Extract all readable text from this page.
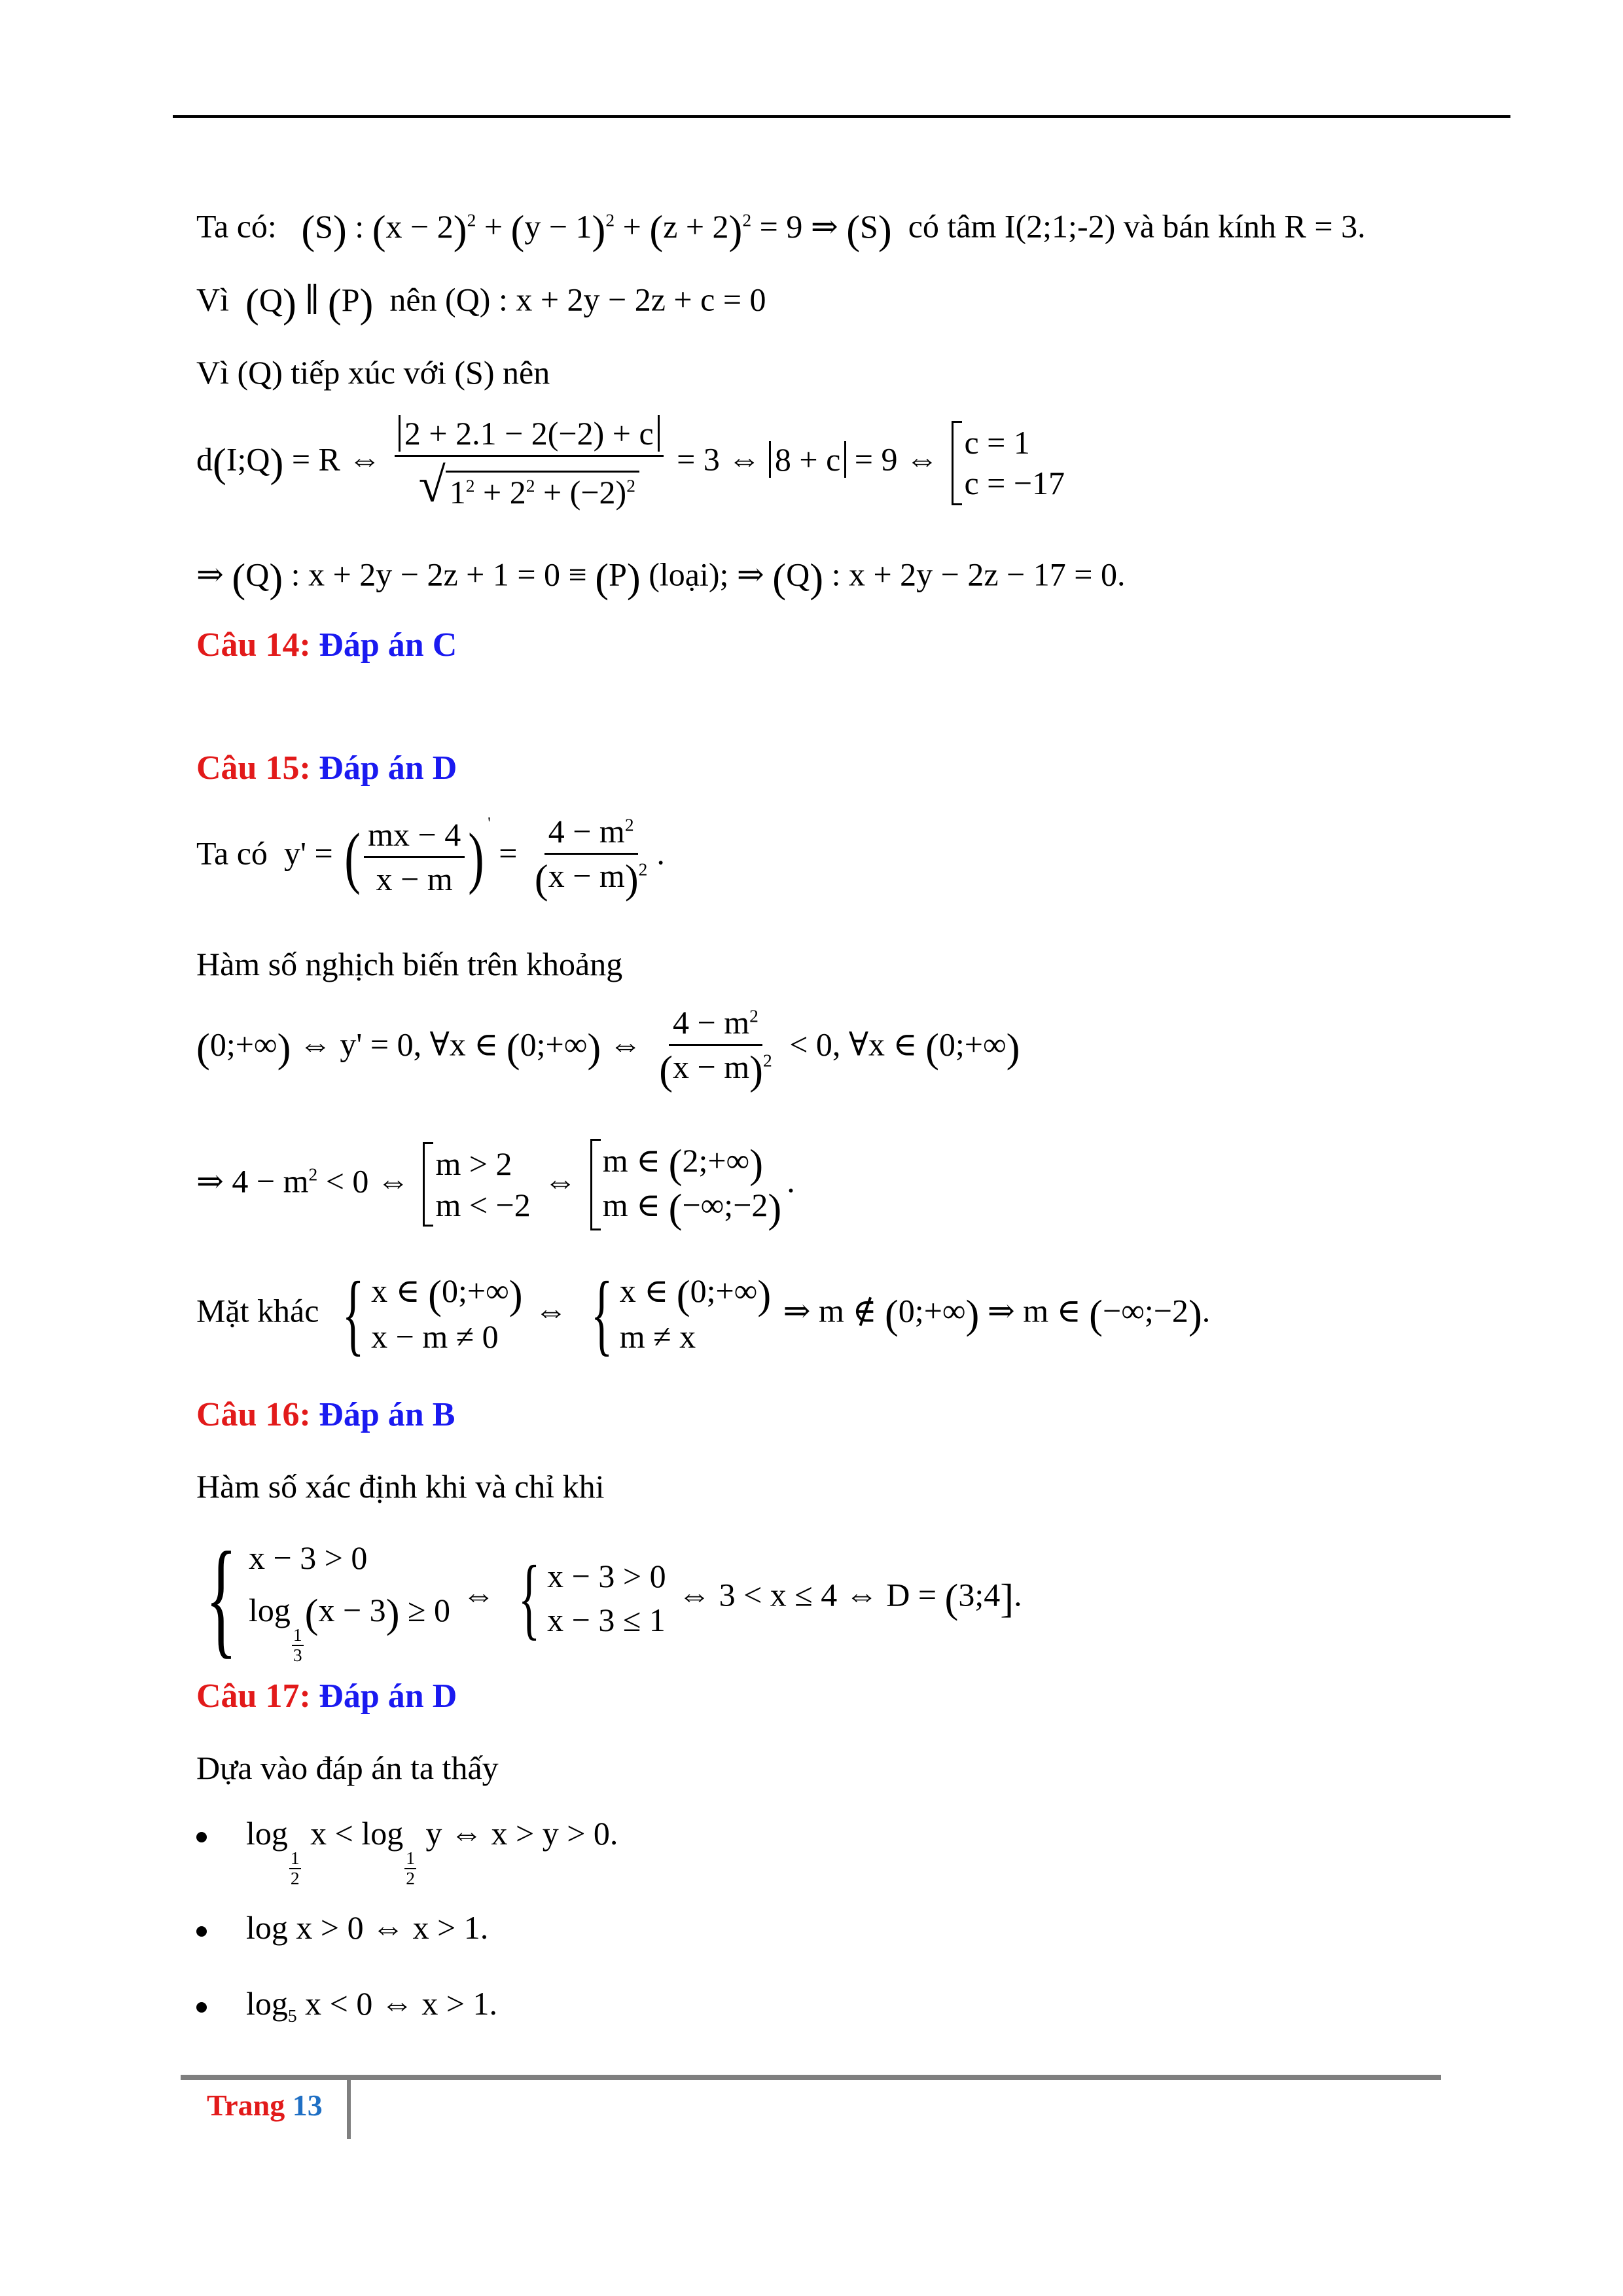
Ta có: (S) : $(x - 2)^2 + (y - 1)^2 + (z + 2)^2 = 9$ ⇒ (S) có tâm I(2;1;-2) và bán kính R = 3.
Vì (Q) ∥ (P) nên (Q) : x + 2y − 2z + c = 0
Vì (Q) tiếp xúc với (S) nên
d(I;Q) = R ⇔ $\frac{2 + 2.1 - 2(-2) + c}{√ 1^2 + 2^2 + (-2)^2} = 3$ ⇔ 8 + c = 9 ⇔ c = 1
c = −17
⇒ (Q) : x + 2y − 2z + 1 = 0 ≡ (P) (loại); ⇒ (Q) : x + 2y − 2z − 17 = 0.
Câu 14: Đáp án C
Câu 15: Đáp án D
Ta có  y' = ( $\frac{mx - 4}{x - m}$ ) $' = \frac{4 - m^2}{(x - m)^2}$ .
Hàm số nghịch biến trên khoảng
(0;+∞) ⇔ y' = 0, ∀x ∈ (0;+∞) ⇔ $\frac{4 - m^2}{(x - m)^2} < 0$, ∀x ∈ (0;+∞)
⇒ $4 - m^2 < 0$ ⇔ m > 2
m < −2
⇔
m ∈ (2;+∞)
m ∈ (−∞;−2)
.
Mặt khác { x ∈ (0;+∞)
x − m ≠ 0
⇔ { x ∈ (0;+∞)
m ≠ x
⇒ m ∉ (0;+∞) ⇒ m ∈ (−∞;−2).
Câu 16: Đáp án B
Hàm số xác định khi và chỉ khi
{ x − 3 > 0
log
$\frac{1}{3}$
(x − 3) ≥ 0 ⇔ { x − 3 > 0
x − 3 ≤ 1
⇔ 3 < x ≤ 4 ⇔ D = (3;4].
Câu 17: Đáp án D
Dựa vào đáp án ta thấy
log
$\frac{1}{2}$
x < log
$\frac{1}{2}$
y ⇔ x > y > 0.
log x > 0 ⇔ x > 1.
$\log_5 x < 0$ ⇔ x > 1.
Trang 13
